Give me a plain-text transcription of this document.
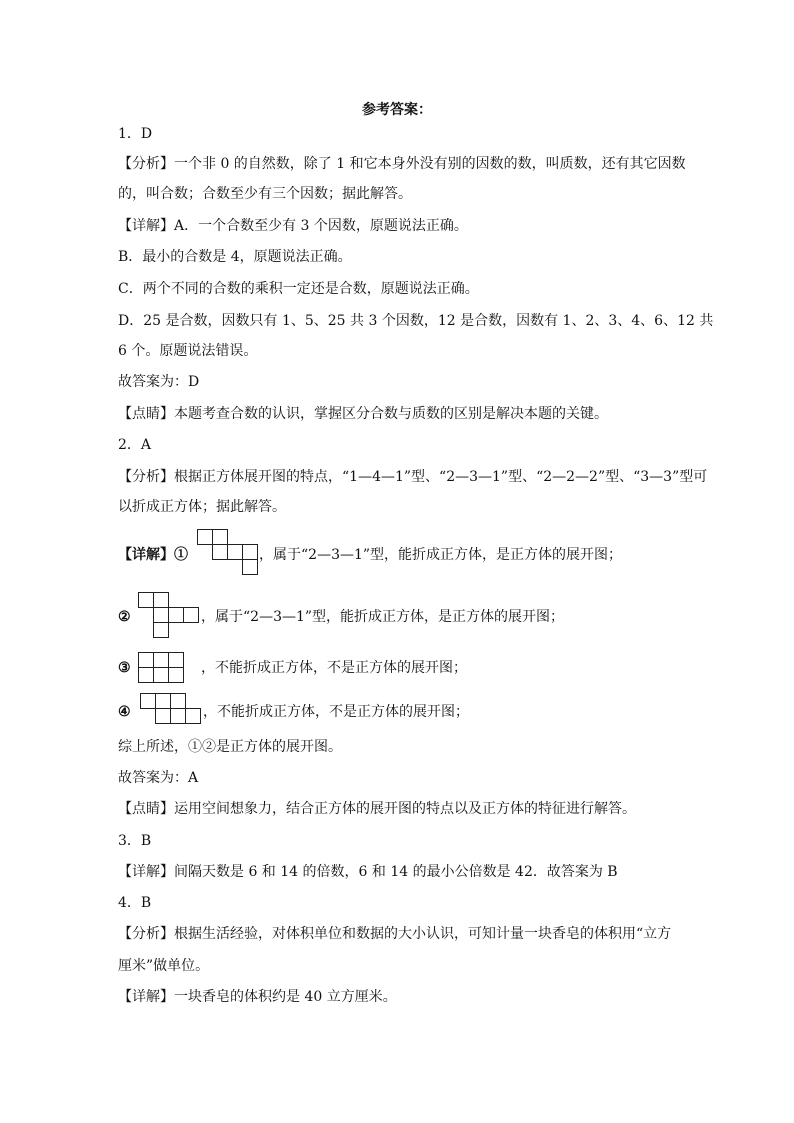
参考答案：
1．D
【分析】一个非 0 的自然数，除了 1 和它本身外没有别的因数的数，叫质数，还有其它因数
的，叫合数；合数至少有三个因数；据此解答。
【详解】A．一个合数至少有 3 个因数，原题说法正确。
B．最小的合数是 4，原题说法正确。
C．两个不同的合数的乘积一定还是合数，原题说法正确。
D．25 是合数，因数只有 1、5、25 共 3 个因数，12 是合数，因数有 1、2、3、4、6、12 共
6 个。原题说法错误。
故答案为：D
【点睛】本题考查合数的认识，掌握区分合数与质数的区别是解决本题的关键。
2．A
【分析】根据正方体展开图的特点，“1—4—1”型、“2—3—1”型、“2—2—2”型、“3—3”型可
以折成正方体；据此解答。
【详解】①	，属于“2—3—1”型，能折成正方体，是正方体的展开图；
②	，属于“2—3—1”型，能折成正方体，是正方体的展开图；
③	，不能折成正方体，不是正方体的展开图；
④	，不能折成正方体，不是正方体的展开图；
综上所述，①②是正方体的展开图。
故答案为：A
【点睛】运用空间想象力，结合正方体的展开图的特点以及正方体的特征进行解答。
3．B
【详解】间隔天数是 6 和 14 的倍数，6 和 14 的最小公倍数是 42．故答案为 B
4．B
【分析】根据生活经验，对体积单位和数据的大小认识，可知计量一块香皂的体积用“立方
厘米”做单位。
【详解】一块香皂的体积约是 40 立方厘米。
